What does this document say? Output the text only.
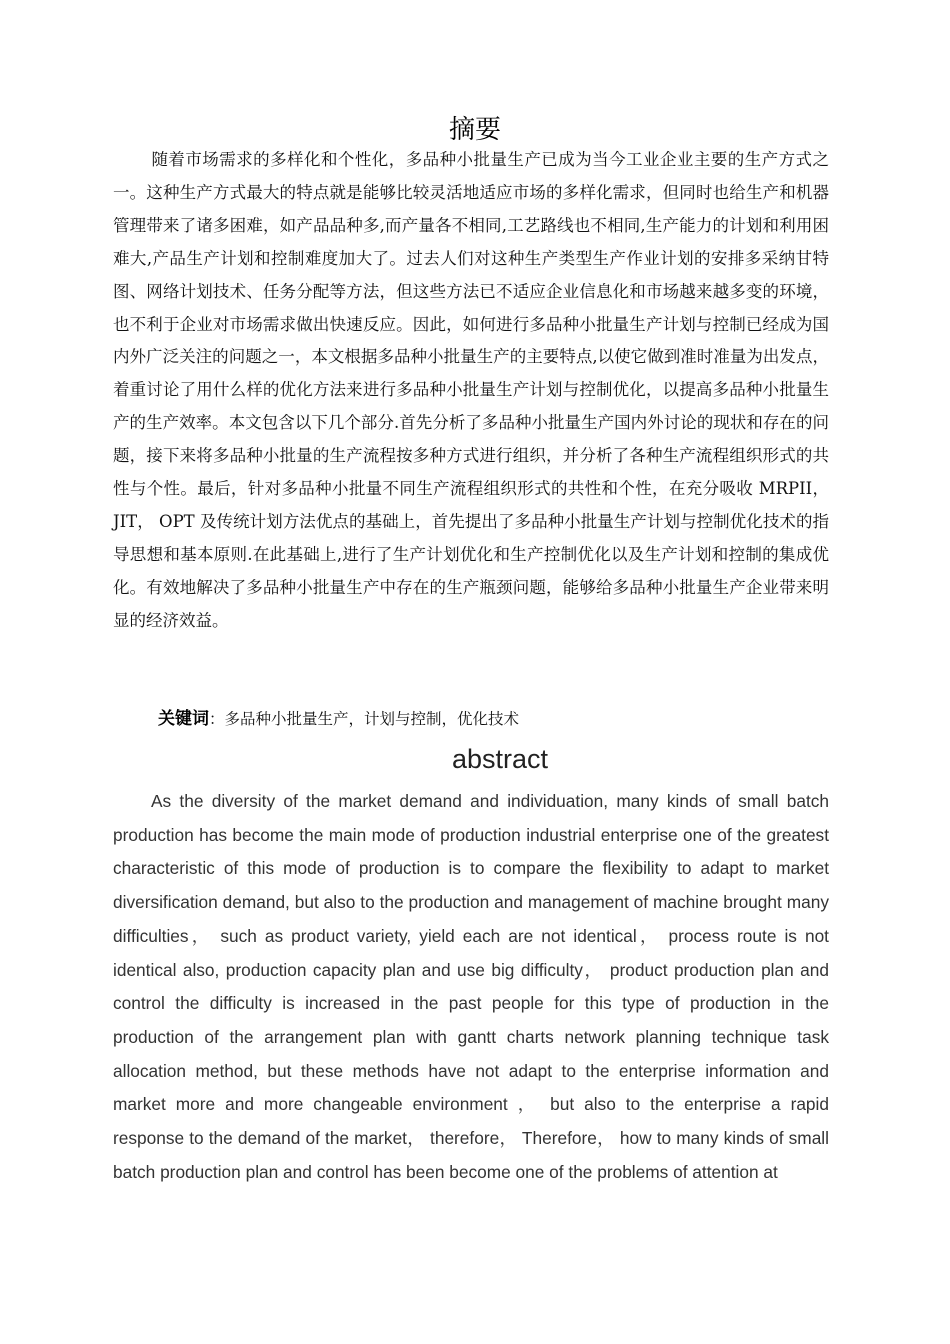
摘要

随着市场需求的多样化和个性化，多品种小批量生产已成为当今工业企业主要的生产方式之一。这种生产方式最大的特点就是能够比较灵活地适应市场的多样化需求，但同时也给生产和机器管理带来了诸多困难，如产品品种多,而产量各不相同,工艺路线也不相同,生产能力的计划和利用困难大,产品生产计划和控制难度加大了。过去人们对这种生产类型生产作业计划的安排多采纳甘特图、网络计划技术、任务分配等方法，但这些方法已不适应企业信息化和市场越来越多变的环境，也不利于企业对市场需求做出快速反应。因此，如何进行多品种小批量生产计划与控制已经成为国内外广泛关注的问题之一，本文根据多品种小批量生产的主要特点,以使它做到准时准量为出发点，着重讨论了用什么样的优化方法来进行多品种小批量生产计划与控制优化，以提高多品种小批量生产的生产效率。本文包含以下几个部分.首先分析了多品种小批量生产国内外讨论的现状和存在的问题，接下来将多品种小批量的生产流程按多种方式进行组织，并分析了各种生产流程组织形式的共性与个性。最后，针对多品种小批量不同生产流程组织形式的共性和个性，在充分吸收 MRPII， JIT， OPT 及传统计划方法优点的基础上，首先提出了多品种小批量生产计划与控制优化技术的指导思想和基本原则.在此基础上,进行了生产计划优化和生产控制优化以及生产计划和控制的集成优化。有效地解决了多品种小批量生产中存在的生产瓶颈问题，能够给多品种小批量生产企业带来明显的经济效益。

关键词：多品种小批量生产，计划与控制，优化技术
abstract

As the diversity of the market demand and individuation, many kinds of small batch production has become the main mode of production industrial enterprise one of the greatest characteristic of this mode of production is to compare the flexibility to adapt to market diversification demand, but also to the production and management of machine brought many difficulties， such as product variety, yield each are not identical， process route is not identical also, production capacity plan and use big difficulty， product production plan and control the difficulty is increased in the past people for this type of production in the production of the arrangement plan with gantt charts network planning technique task allocation method, but these methods have not adapt to the enterprise information and market more and more changeable environment ， but also to the enterprise a rapid response to the demand of the market， therefore， Therefore， how to many kinds of small batch production plan and control has been become one of the problems of attention at
